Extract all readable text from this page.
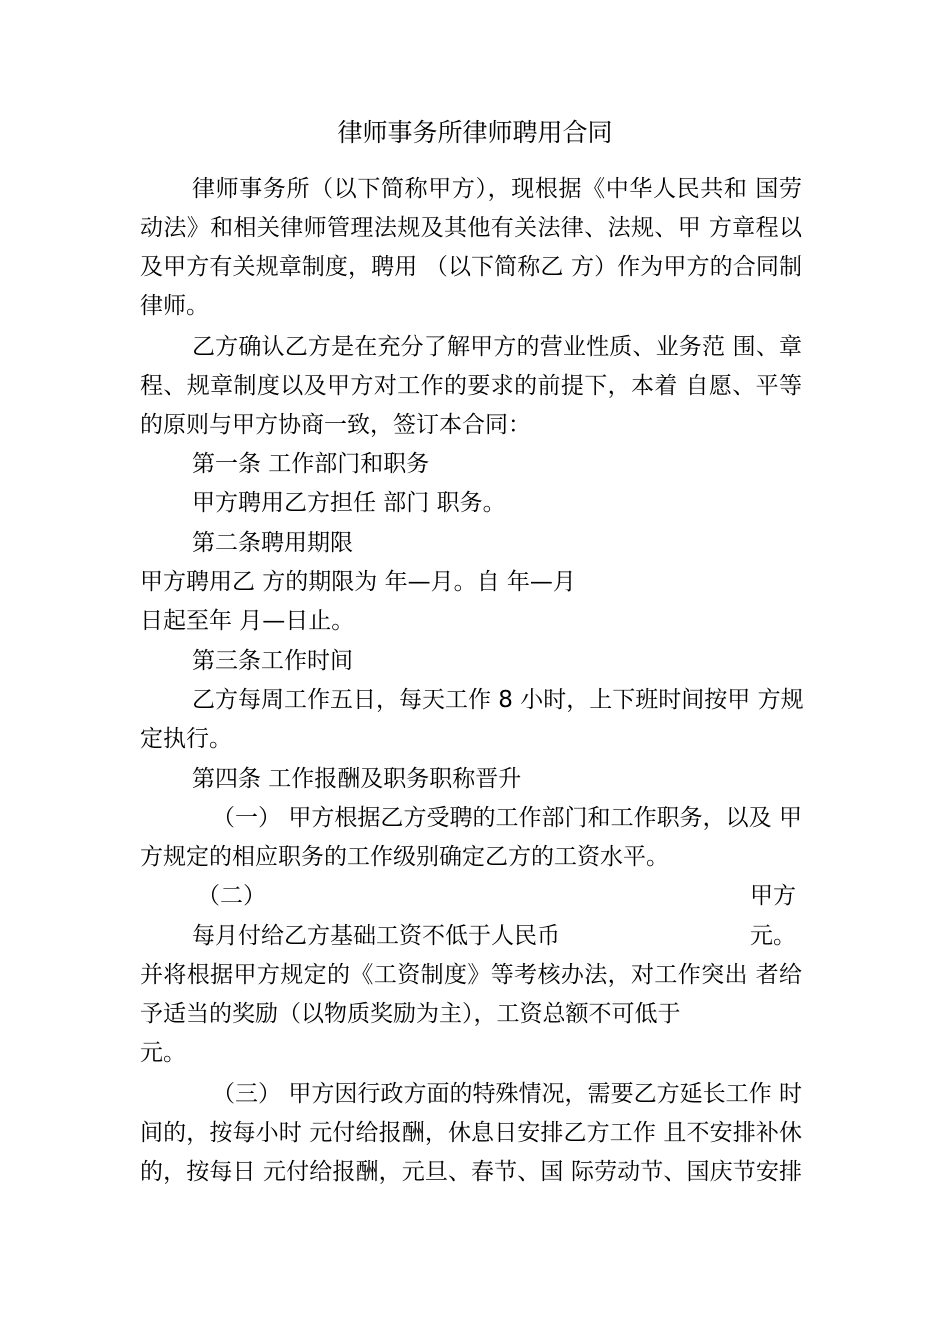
律师事务所律师聘用合同
律师事务所（以下简称甲方），现根据《中华人民共和 国劳
动法》和相关律师管理法规及其他有关法律、法规、甲 方章程以
及甲方有关规章制度，聘用 （以下简称乙 方）作为甲方的合同制
律师。
乙方确认乙方是在充分了解甲方的营业性质、业务范 围、章
程、规章制度以及甲方对工作的要求的前提下，本着 自愿、平等
的原则与甲方协商一致，签订本合同：
第一条 工作部门和职务
甲方聘用乙方担任 部门 职务。
第二条聘用期限
甲方聘用乙 方的期限为 年—月。自 年—月
日起至年 月—日止。
第三条工作时间
乙方每周工作五日，每天工作 8 小时，上下班时间按甲 方规
定执行。
第四条 工作报酬及职务职称晋升
（一） 甲方根据乙方受聘的工作部门和工作职务，以及 甲
方规定的相应职务的工作级别确定乙方的工资水平。
（二）	甲方
每月付给乙方基础工资不低于人民币	元。
并将根据甲方规定的《工资制度》等考核办法，对工作突出 者给
予适当的奖励（以物质奖励为主），工资总额不可低于
元。
（三） 甲方因行政方面的特殊情况，需要乙方延长工作 时
间的，按每小时 元付给报酬，休息日安排乙方工作 且不安排补休
的，按每日 元付给报酬，元旦、春节、国 际劳动节、国庆节安排
